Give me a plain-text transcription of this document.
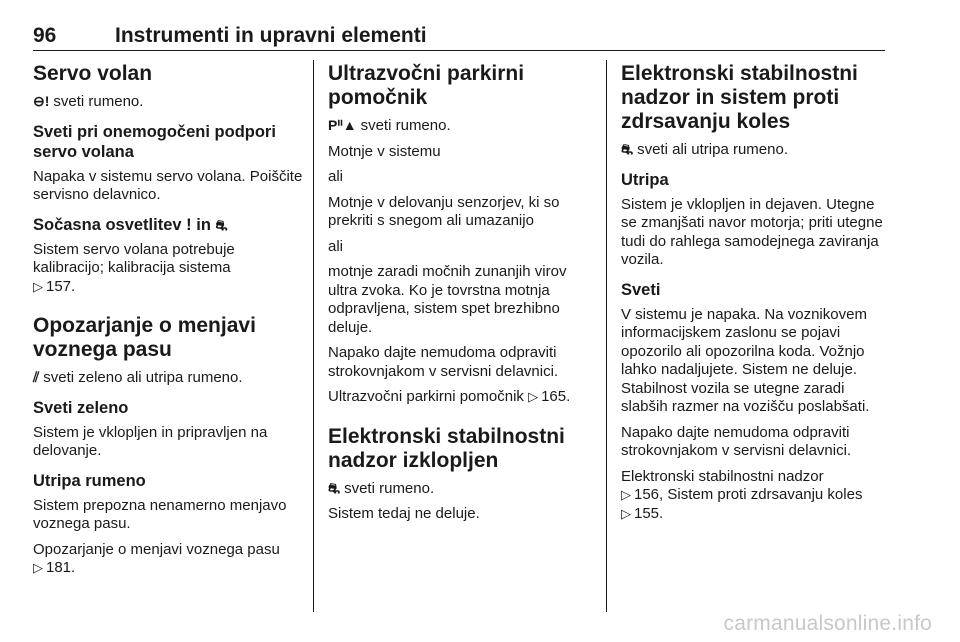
96	Instrumenti in upravni elementi
Servo volan

⊖! sveti rumeno.

Sveti pri onemogočeni podpori servo volana

Napaka v sistemu servo volana. Poiščite servisno delavnico.

Sočasna osvetlitev ! in ⛐

Sistem servo volana potrebuje kalibracijo; kalibracija sistema
▷ 157.

Opozarjanje o menjavi voznega pasu

⫽ sveti zeleno ali utripa rumeno.

Sveti zeleno

Sistem je vklopljen in pripravljen na delovanje.

Utripa rumeno

Sistem prepozna nenamerno menjavo voznega pasu.

Opozarjanje o menjavi voznega pasu
▷ 181.

Ultrazvočni parkirni pomočnik

Pᐦ▲ sveti rumeno.

Motnje v sistemu

ali

Motnje v delovanju senzorjev, ki so prekriti s snegom ali umazanijo

ali

motnje zaradi močnih zunanjih virov ultra zvoka. Ko je tovrstna motnja odpravljena, sistem spet brezhibno deluje.

Napako dajte nemudoma odpraviti strokovnjakom v servisni delavnici.

Ultrazvočni parkirni pomočnik ▷ 165.

Elektronski stabilnostni nadzor izklopljen

⛐ sveti rumeno.

Sistem tedaj ne deluje.

Elektronski stabilnostni nadzor in sistem proti zdrsavanju koles

⛐ sveti ali utripa rumeno.

Utripa

Sistem je vklopljen in dejaven. Utegne se zmanjšati navor motorja; priti utegne tudi do rahlega samodejnega zaviranja vozila.

Sveti

V sistemu je napaka. Na voznikovem informacijskem zaslonu se pojavi opozorilo ali opozorilna koda. Vožnjo lahko nadaljujete. Sistem ne deluje. Stabilnost vozila se utegne zaradi slabših razmer na vozišču poslabšati.

Napako dajte nemudoma odpraviti strokovnjakom v servisni delavnici.

Elektronski stabilnostni nadzor
▷ 156, Sistem proti zdrsavanju koles
▷ 155.

carmanualsonline.info
